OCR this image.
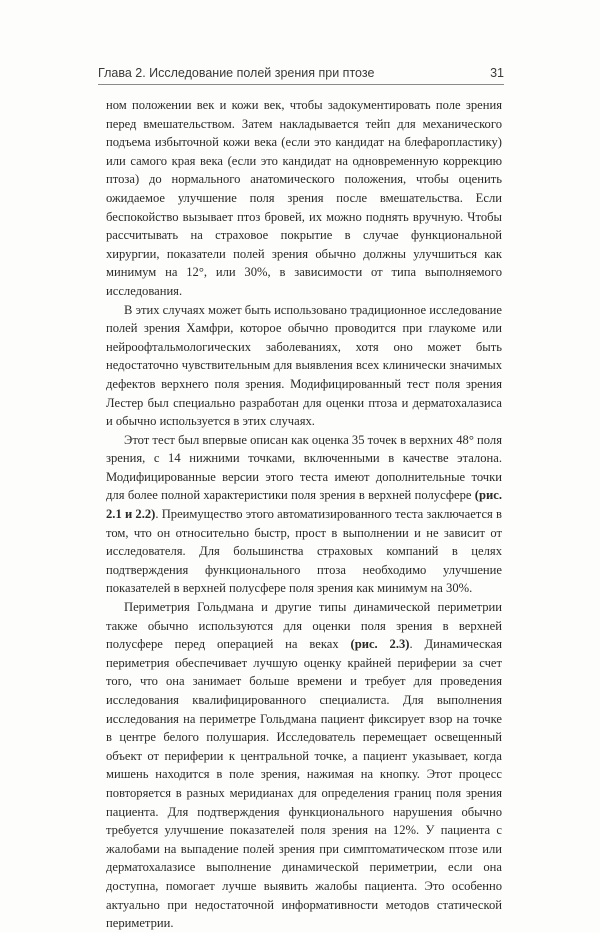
Глава 2. Исследование полей зрения при птозе	31

ном положении век и кожи век, чтобы задокументировать поле зрения перед вмешательством. Затем накладывается тейп для механического подъема избыточной кожи века (если это кандидат на блефаропластику) или самого края века (если это кандидат на одновременную коррекцию птоза) до нормального анатомического положения, чтобы оценить ожидаемое улучшение поля зрения после вмешательства. Если беспокойство вызывает птоз бровей, их можно поднять вручную. Чтобы рассчитывать на страховое покрытие в случае функциональной хирургии, показатели полей зрения обычно должны улучшиться как минимум на 12°, или 30%, в зависимости от типа выполняемого исследования.

В этих случаях может быть использовано традиционное исследование полей зрения Хамфри, которое обычно проводится при глаукоме или нейроофтальмологических заболеваниях, хотя оно может быть недостаточно чувствительным для выявления всех клинически значимых дефектов верхнего поля зрения. Модифицированный тест поля зрения Лестер был специально разработан для оценки птоза и дерматохалазиса и обычно используется в этих случаях.

Этот тест был впервые описан как оценка 35 точек в верхних 48° поля зрения, с 14 нижними точками, включенными в качестве эталона. Модифицированные версии этого теста имеют дополнительные точки для более полной характеристики поля зрения в верхней полусфере (рис. 2.1 и 2.2). Преимущество этого автоматизированного теста заключается в том, что он относительно быстр, прост в выполнении и не зависит от исследователя. Для большинства страховых компаний в целях подтверждения функционального птоза необходимо улучшение показателей в верхней полусфере поля зрения как минимум на 30%.

Периметрия Гольдмана и другие типы динамической периметрии также обычно используются для оценки поля зрения в верхней полусфере перед операцией на веках (рис. 2.3). Динамическая периметрия обеспечивает лучшую оценку крайней периферии за счет того, что она занимает больше времени и требует для проведения исследования квалифицированного специалиста. Для выполнения исследования на периметре Гольдмана пациент фиксирует взор на точке в центре белого полушария. Исследователь перемещает освещенный объект от периферии к центральной точке, а пациент указывает, когда мишень находится в поле зрения, нажимая на кнопку. Этот процесс повторяется в разных меридианах для определения границ поля зрения пациента. Для подтверждения функционального нарушения обычно требуется улучшение показателей поля зрения на 12%. У пациента с жалобами на выпадение полей зрения при симптоматическом птозе или дерматохалазисе выполнение динамической периметрии, если она доступна, помогает лучше выявить жалобы пациента. Это особенно актуально при недостаточной информативности методов статической периметрии.
